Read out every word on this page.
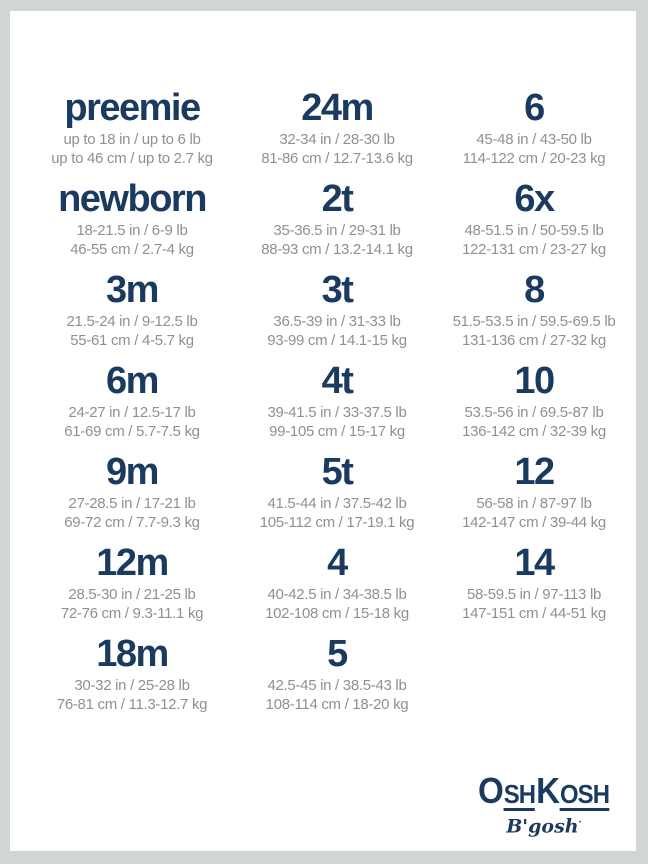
preemie
up to 18 in / up to 6 lb
up to 46 cm / up to 2.7 kg
newborn
18-21.5 in / 6-9 lb
46-55 cm / 2.7-4 kg
3m
21.5-24 in / 9-12.5 lb
55-61 cm / 4-5.7 kg
6m
24-27 in / 12.5-17 lb
61-69 cm / 5.7-7.5 kg
9m
27-28.5 in / 17-21 lb
69-72 cm / 7.7-9.3 kg
12m
28.5-30 in / 21-25 lb
72-76 cm / 9.3-11.1 kg
18m
30-32 in / 25-28 lb
76-81 cm / 11.3-12.7 kg
24m
32-34 in / 28-30 lb
81-86 cm / 12.7-13.6 kg
2t
35-36.5 in / 29-31 lb
88-93 cm / 13.2-14.1 kg
3t
36.5-39 in / 31-33 lb
93-99 cm / 14.1-15 kg
4t
39-41.5 in / 33-37.5 lb
99-105 cm / 15-17 kg
5t
41.5-44 in / 37.5-42 lb
105-112 cm / 17-19.1 kg
4
40-42.5 in / 34-38.5 lb
102-108 cm / 15-18 kg
5
42.5-45 in / 38.5-43 lb
108-114 cm / 18-20 kg
6
45-48 in / 43-50 lb
114-122 cm / 20-23 kg
6x
48-51.5 in / 50-59.5 lb
122-131 cm / 23-27 kg
8
51.5-53.5 in / 59.5-69.5 lb
131-136 cm / 27-32 kg
10
53.5-56 in / 69.5-87 lb
136-142 cm / 32-39 kg
12
56-58 in / 87-97 lb
142-147 cm / 39-44 kg
14
58-59.5 in / 97-113 lb
147-151 cm / 44-51 kg
OSHKOSH
B'gosh·
